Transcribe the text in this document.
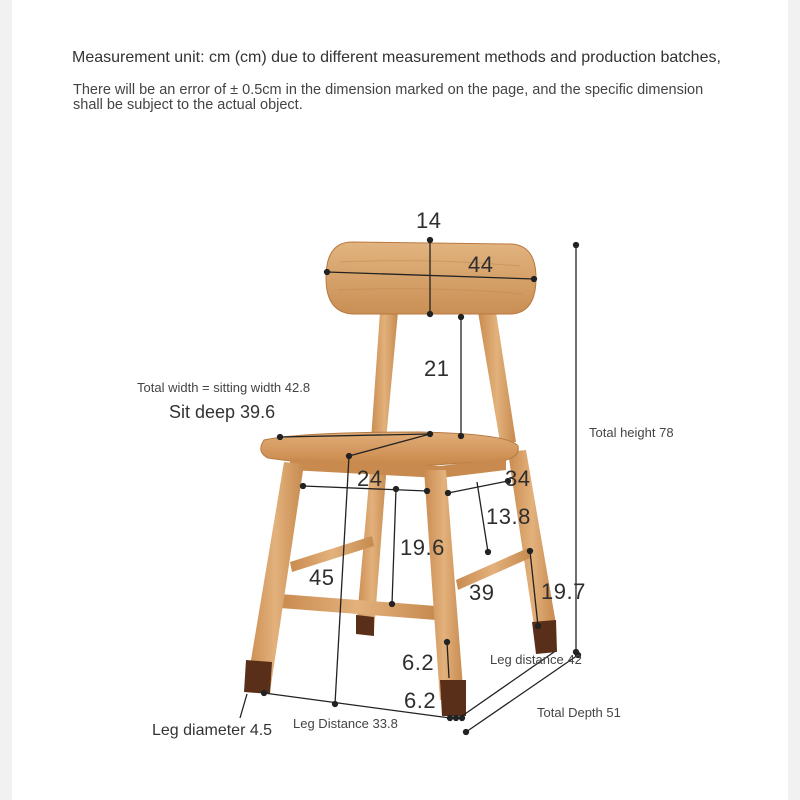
Measurement unit: cm (cm) due to different measurement methods and production batches,
There will be an error of ± 0.5cm in the dimension marked on the page, and the specific dimension
shall be subject to the actual object.
14
44
21
24	34
13.8
19.6
45
39 19.7
6.2
6.2
Total width = sitting width 42.8
Sit deep 39.6
Total height 78
Leg distance 42
Total Depth 51
Leg diameter 4.5 Leg Distance 33.8
